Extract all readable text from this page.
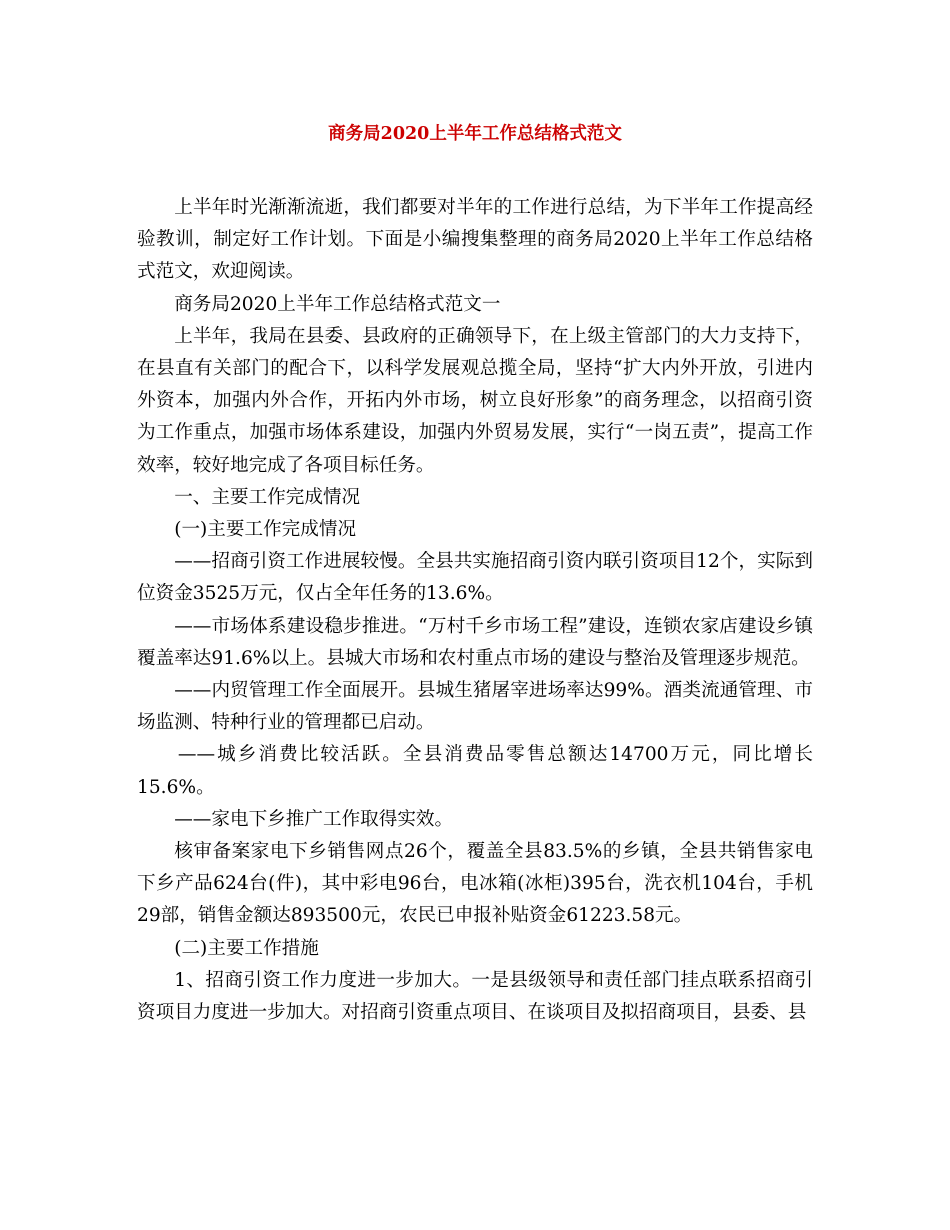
商务局2020上半年工作总结格式范文

上半年时光渐渐流逝，我们都要对半年的工作进行总结，为下半年工作提高经验教训，制定好工作计划。下面是小编搜集整理的商务局2020上半年工作总结格式范文，欢迎阅读。

商务局2020上半年工作总结格式范文一

上半年，我局在县委、县政府的正确领导下，在上级主管部门的大力支持下，在县直有关部门的配合下，以科学发展观总揽全局，坚持“扩大内外开放，引进内外资本，加强内外合作，开拓内外市场，树立良好形象”的商务理念，以招商引资为工作重点，加强市场体系建设，加强内外贸易发展，实行“一岗五责”，提高工作效率，较好地完成了各项目标任务。

一、主要工作完成情况

(一)主要工作完成情况

——招商引资工作进展较慢。全县共实施招商引资内联引资项目12个，实际到位资金3525万元，仅占全年任务的13.6%。

——市场体系建设稳步推进。“万村千乡市场工程”建设，连锁农家店建设乡镇覆盖率达91.6%以上。县城大市场和农村重点市场的建设与整治及管理逐步规范。

——内贸管理工作全面展开。县城生猪屠宰进场率达99%。酒类流通管理、市场监测、特种行业的管理都已启动。

——城乡消费比较活跃。全县消费品零售总额达14700万元，同比增长15.6%。

——家电下乡推广工作取得实效。

核审备案家电下乡销售网点26个，覆盖全县83.5%的乡镇，全县共销售家电下乡产品624台(件)，其中彩电96台，电冰箱(冰柜)395台，洗衣机104台，手机29部，销售金额达893500元，农民已申报补贴资金61223.58元。

(二)主要工作措施

1、招商引资工作力度进一步加大。一是县级领导和责任部门挂点联系招商引资项目力度进一步加大。对招商引资重点项目、在谈项目及拟招商项目，县委、县
